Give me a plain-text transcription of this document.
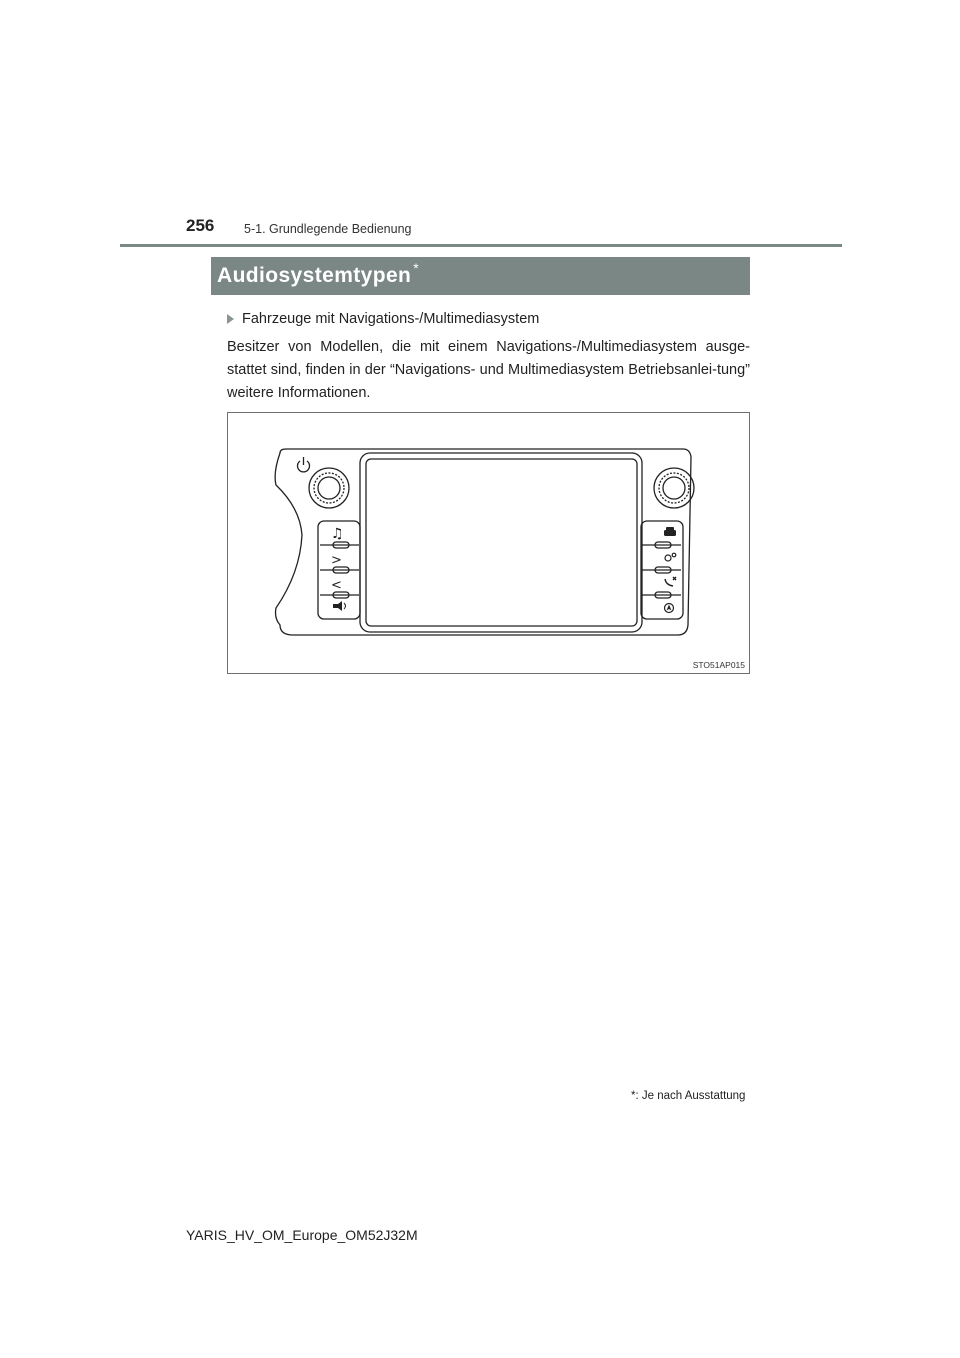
256 5-1. Grundlegende Bedienung
Audiosystemtypen *
Fahrzeuge mit Navigations-/Multimediasystem
Besitzer von Modellen, die mit einem Navigations-/Multimediasystem ausge-stattet sind, finden in der “Navigations- und Multimediasystem Betriebsanlei-tung” weitere Informationen.
♫
>
<
STO51AP015
*: Je nach Ausstattung
YARIS_HV_OM_Europe_OM52J32M
